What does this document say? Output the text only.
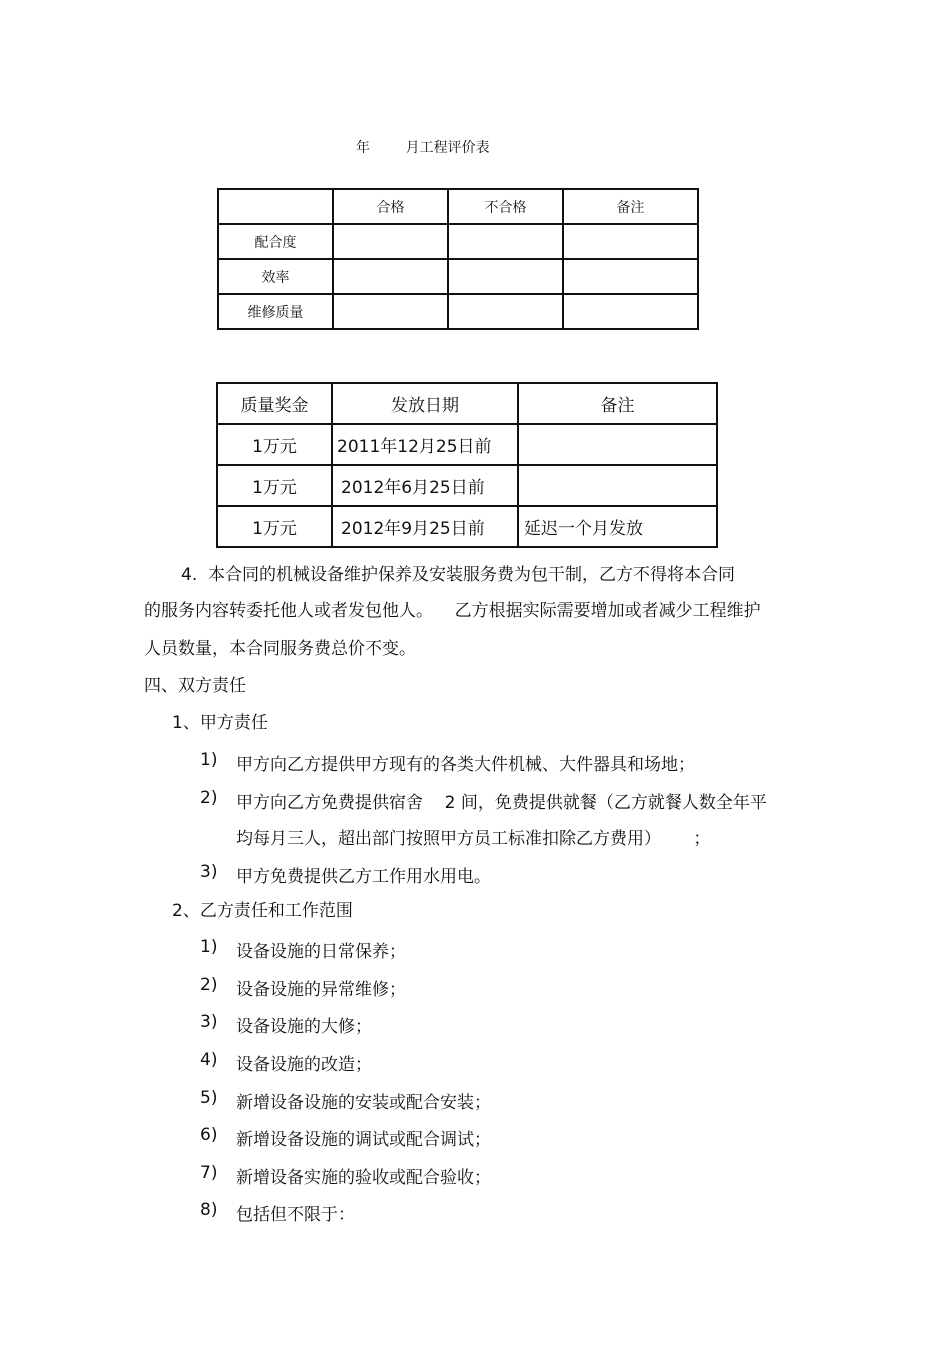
年        月工程评价表
	合格	不合格	备注
配合度			
效率			
维修质量			
质量奖金	发放日期	备注
1万元	2011年12月25日前	
1万元	2012年6月25日前	
1万元	2012年9月25日前	延迟一个月发放
4.  本合同的机械设备维护保养及安装服务费为包干制，乙方不得将本合同
的服务内容转委托他人或者发包他人。    乙方根据实际需要增加或者减少工程维护
人员数量，本合同服务费总价不变。
四、双方责任
1、甲方责任
1) 甲方向乙方提供甲方现有的各类大件机械、大件器具和场地；
2) 甲方向乙方免费提供宿舍    2 间，免费提供就餐（乙方就餐人数全年平
均每月三人，超出部门按照甲方员工标准扣除乙方费用）      ；
3) 甲方免费提供乙方工作用水用电。
2、乙方责任和工作范围
1) 设备设施的日常保养；
2) 设备设施的异常维修；
3) 设备设施的大修；
4) 设备设施的改造；
5) 新增设备设施的安装或配合安装；
6) 新增设备设施的调试或配合调试；
7) 新增设备实施的验收或配合验收；
8) 包括但不限于：
